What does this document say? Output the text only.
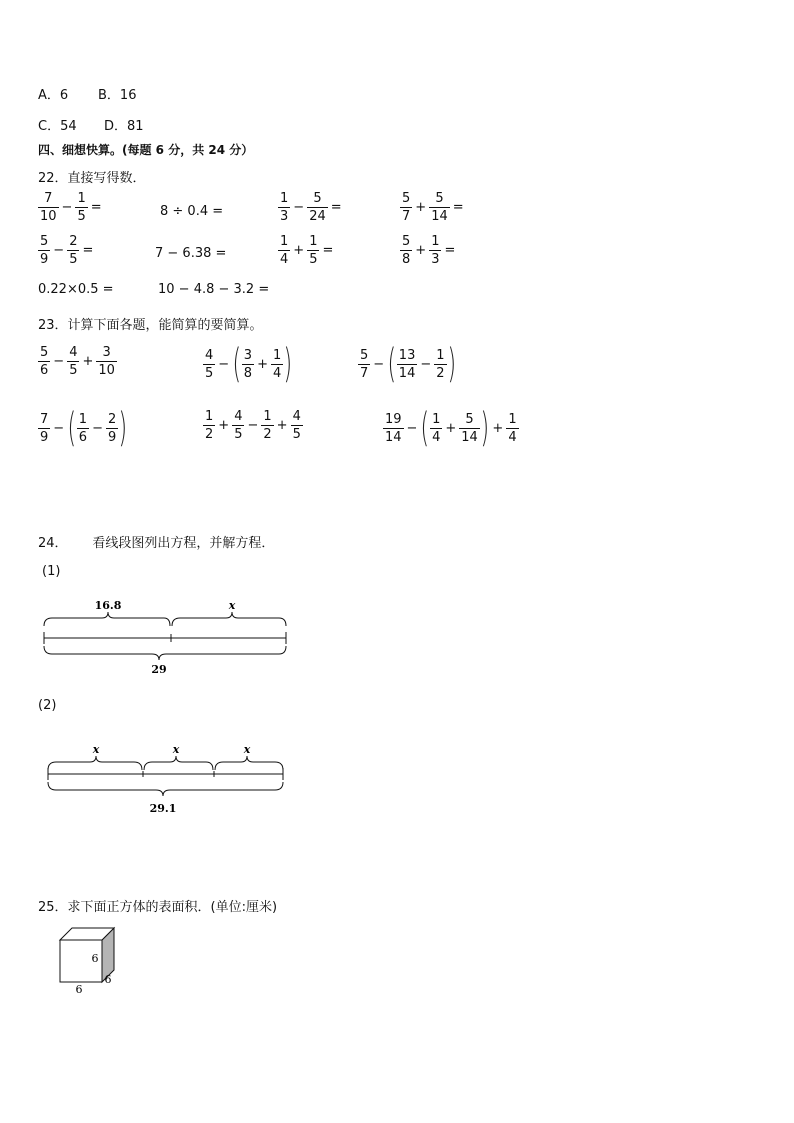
A．6 B．16
C．54 D．81
四、细想快算。(每题 6 分，共 24 分）
22．直接写得数．
$\frac{7}{10} - \frac{1}{5}$ =	8 ÷ 0.4 =	$\frac{1}{3} - \frac{5}{24}$ =	$\frac{5}{7} + \frac{5}{14}$ =
$\frac{5}{9} - \frac{2}{5}$ =	7 − 6.38 =	$\frac{1}{4} + \frac{1}{5}$ =	$\frac{5}{8} + \frac{1}{3}$ =
0.22×0.5 =	10 − 4.8 − 3.2 =
23．计算下面各题，能简算的要简算。
$\frac{5}{6} - \frac{4}{5} + \frac{3}{10}$	$\frac{4}{5}$ − ( $\frac{3}{8} + \frac{1}{4}$ )	$\frac{5}{7}$ − ( $\frac{13}{14} - \frac{1}{2}$ )
$\frac{7}{9}$ − ( $\frac{1}{6} - \frac{2}{9}$ )	$\frac{1}{2} + \frac{4}{5} - \frac{1}{2} + \frac{4}{5}$	$\frac{19}{14}$ − ( $\frac{1}{4} + \frac{5}{14}$ ) + $\frac{1}{4}$
24．      看线段图列出方程，并解方程．
(1)
16.8	x
29
(2)
x	x	x
29.1
25．求下面正方体的表面积．(单位:厘米)
6
6
6
